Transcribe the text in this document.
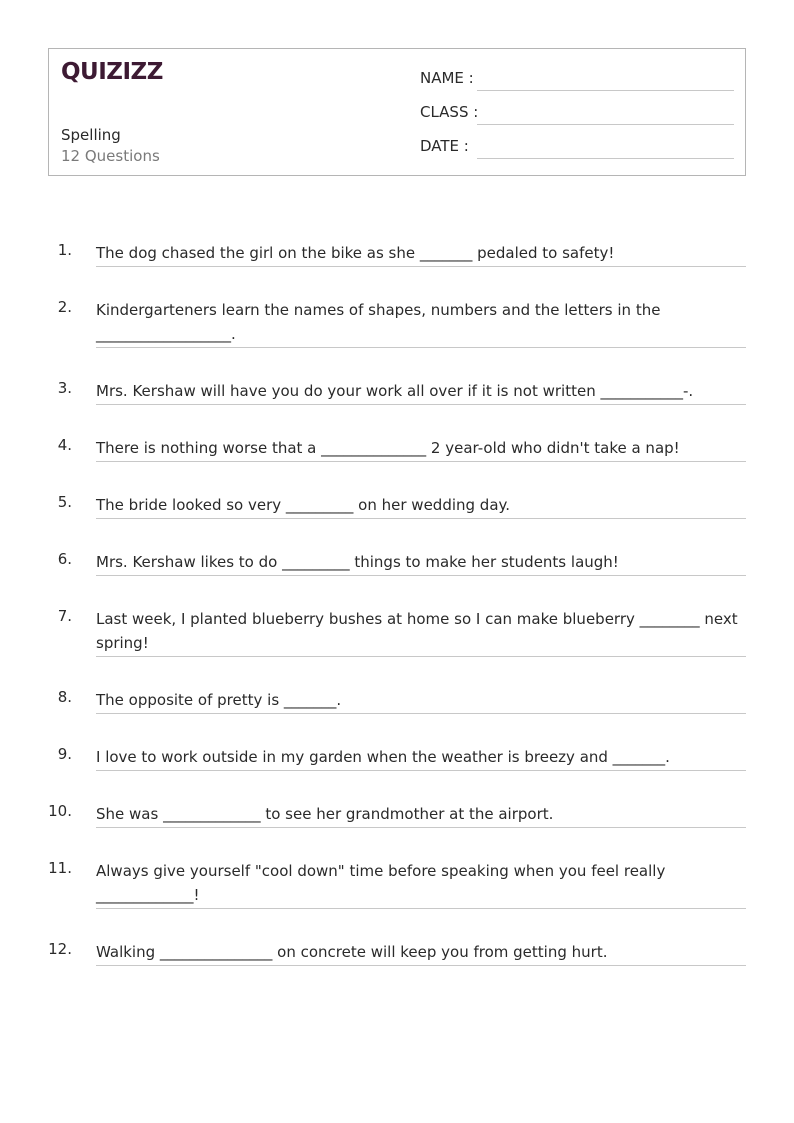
QUIZIZZ
Spelling
12 Questions
NAME :
CLASS :
DATE :
1. The dog chased the girl on the bike as she _______ pedaled to safety!
2. Kindergarteners learn the names of shapes, numbers and the letters in the __________________.
3. Mrs. Kershaw will have you do your work all over if it is not written ___________-.
4. There is nothing worse that a ______________ 2 year-old who didn't take a nap!
5. The bride looked so very _________ on her wedding day.
6. Mrs. Kershaw likes to do _________ things to make her students laugh!
7. Last week, I planted blueberry bushes at home so I can make blueberry ________ next spring!
8. The opposite of pretty is _______.
9. I love to work outside in my garden when the weather is breezy and _______.
10. She was _____________ to see her grandmother at the airport.
11. Always give yourself "cool down" time before speaking when you feel really _____________!
12. Walking _______________ on concrete will keep you from getting hurt.
